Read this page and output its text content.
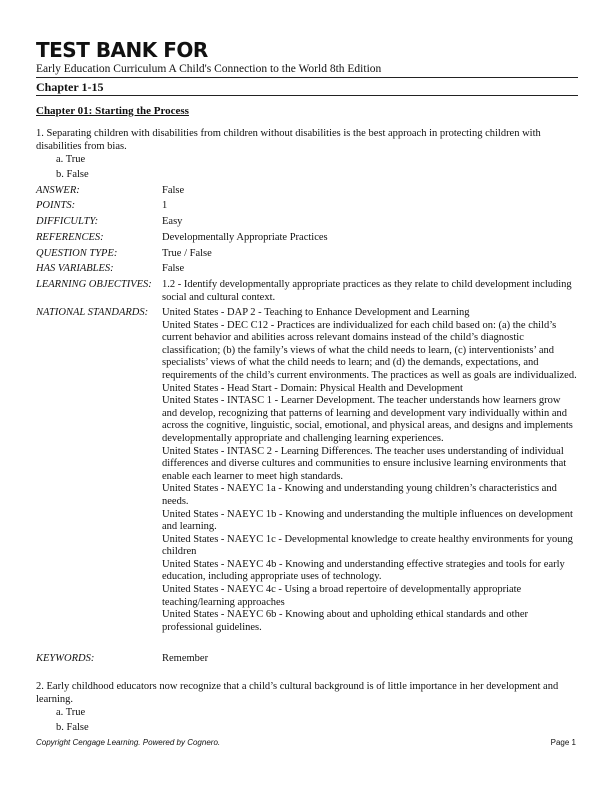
TEST BANK FOR
Early Education Curriculum A Child's Connection to the World 8th Edition
Chapter 1-15
Chapter 01: Starting the Process
1. Separating children with disabilities from children without disabilities is the best approach in protecting children with disabilities from bias.
a. True
b. False
ANSWER:	False
POINTS:	1
DIFFICULTY:	Easy
REFERENCES:	Developmentally Appropriate Practices
QUESTION TYPE:	True / False
HAS VARIABLES:	False
LEARNING OBJECTIVES: 1.2 - Identify developmentally appropriate practices as they relate to child development including social and cultural context.
NATIONAL STANDARDS: United States - DAP 2 - Teaching to Enhance Development and Learning
United States - DEC C12 - Practices are individualized for each child based on: (a) the child’s current behavior and abilities across relevant domains instead of the child’s diagnostic classification; (b) the family’s views of what the child needs to learn, (c) interventionists’ and specialists’ views of what the child needs to learn; and (d) the demands, expectations, and requirements of the child’s current environments. The practices as well as goals are individualized.
United States - Head Start - Domain: Physical Health and Development
United States - INTASC 1 - Learner Development. The teacher understands how learners grow and develop, recognizing that patterns of learning and development vary individually within and across the cognitive, linguistic, social, emotional, and physical areas, and designs and implements developmentally appropriate and challenging learning experiences.
United States - INTASC 2 - Learning Differences. The teacher uses understanding of individual differences and diverse cultures and communities to ensure inclusive learning environments that enable each learner to meet high standards.
United States - NAEYC 1a - Knowing and understanding young children’s characteristics and needs.
United States - NAEYC 1b - Knowing and understanding the multiple influences on development and learning.
United States - NAEYC 1c - Developmental knowledge to create healthy environments for young children
United States - NAEYC 4b - Knowing and understanding effective strategies and tools for early education, including appropriate uses of technology.
United States - NAEYC 4c - Using a broad repertoire of developmentally appropriate teaching/learning approaches
United States - NAEYC 6b - Knowing about and upholding ethical standards and other professional guidelines.
KEYWORDS:	Remember
2. Early childhood educators now recognize that a child’s cultural background is of little importance in her development and learning.
a. True
b. False
Copyright Cengage Learning. Powered by Cognero.	Page 1
